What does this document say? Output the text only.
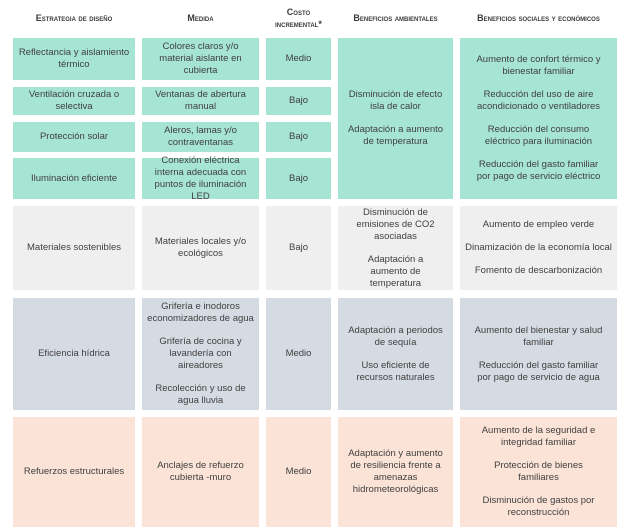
Estrategia de diseño	Medida
Costo incremental*
Beneficios ambientales	Beneficios sociales y económicos
Reflectancia y aislamiento térmico
Colores claros y/o material aislante en cubierta
Medio
Ventilación cruzada o selectiva
Ventanas de abertura manual
Bajo
Protección solar
Aleros, lamas y/o contraventanas
Bajo
Iluminación eficiente
Conexión eléctrica interna adecuada con puntos de iluminación LED
Bajo
Disminución de efecto isla de calor
Adaptación a aumento de temperatura
Aumento de confort térmico y bienestar familiar
Reducción del uso de aire acondicionado o ventiladores
Reducción del consumo eléctrico para iluminación
Reducción del gasto familiar por pago de servicio eléctrico
Materiales sostenibles
Materiales locales y/o ecológicos
Bajo
Disminución de emisiones de CO2 asociadas
Adaptación a aumento de temperatura
Aumento de empleo verde
Dinamización de la economía local
Fomento de descarbonización
Eficiencia hídrica
Grifería e inodoros economizadores de agua
Grifería de cocina y lavandería con aireadores
Recolección y uso de agua lluvia
Medio
Adaptación a periodos de sequía
Uso eficiente de recursos naturales
Aumento del bienestar y salud familiar
Reducción del gasto familiar por pago de servicio de agua
Refuerzos estructurales
Anclajes de refuerzo cubierta -muro
Medio
Adaptación y aumento de resiliencia frente a amenazas hidrometeorológicas
Aumento de la seguridad e integridad familiar
Protección de bienes familiares
Disminución de gastos por reconstrucción
